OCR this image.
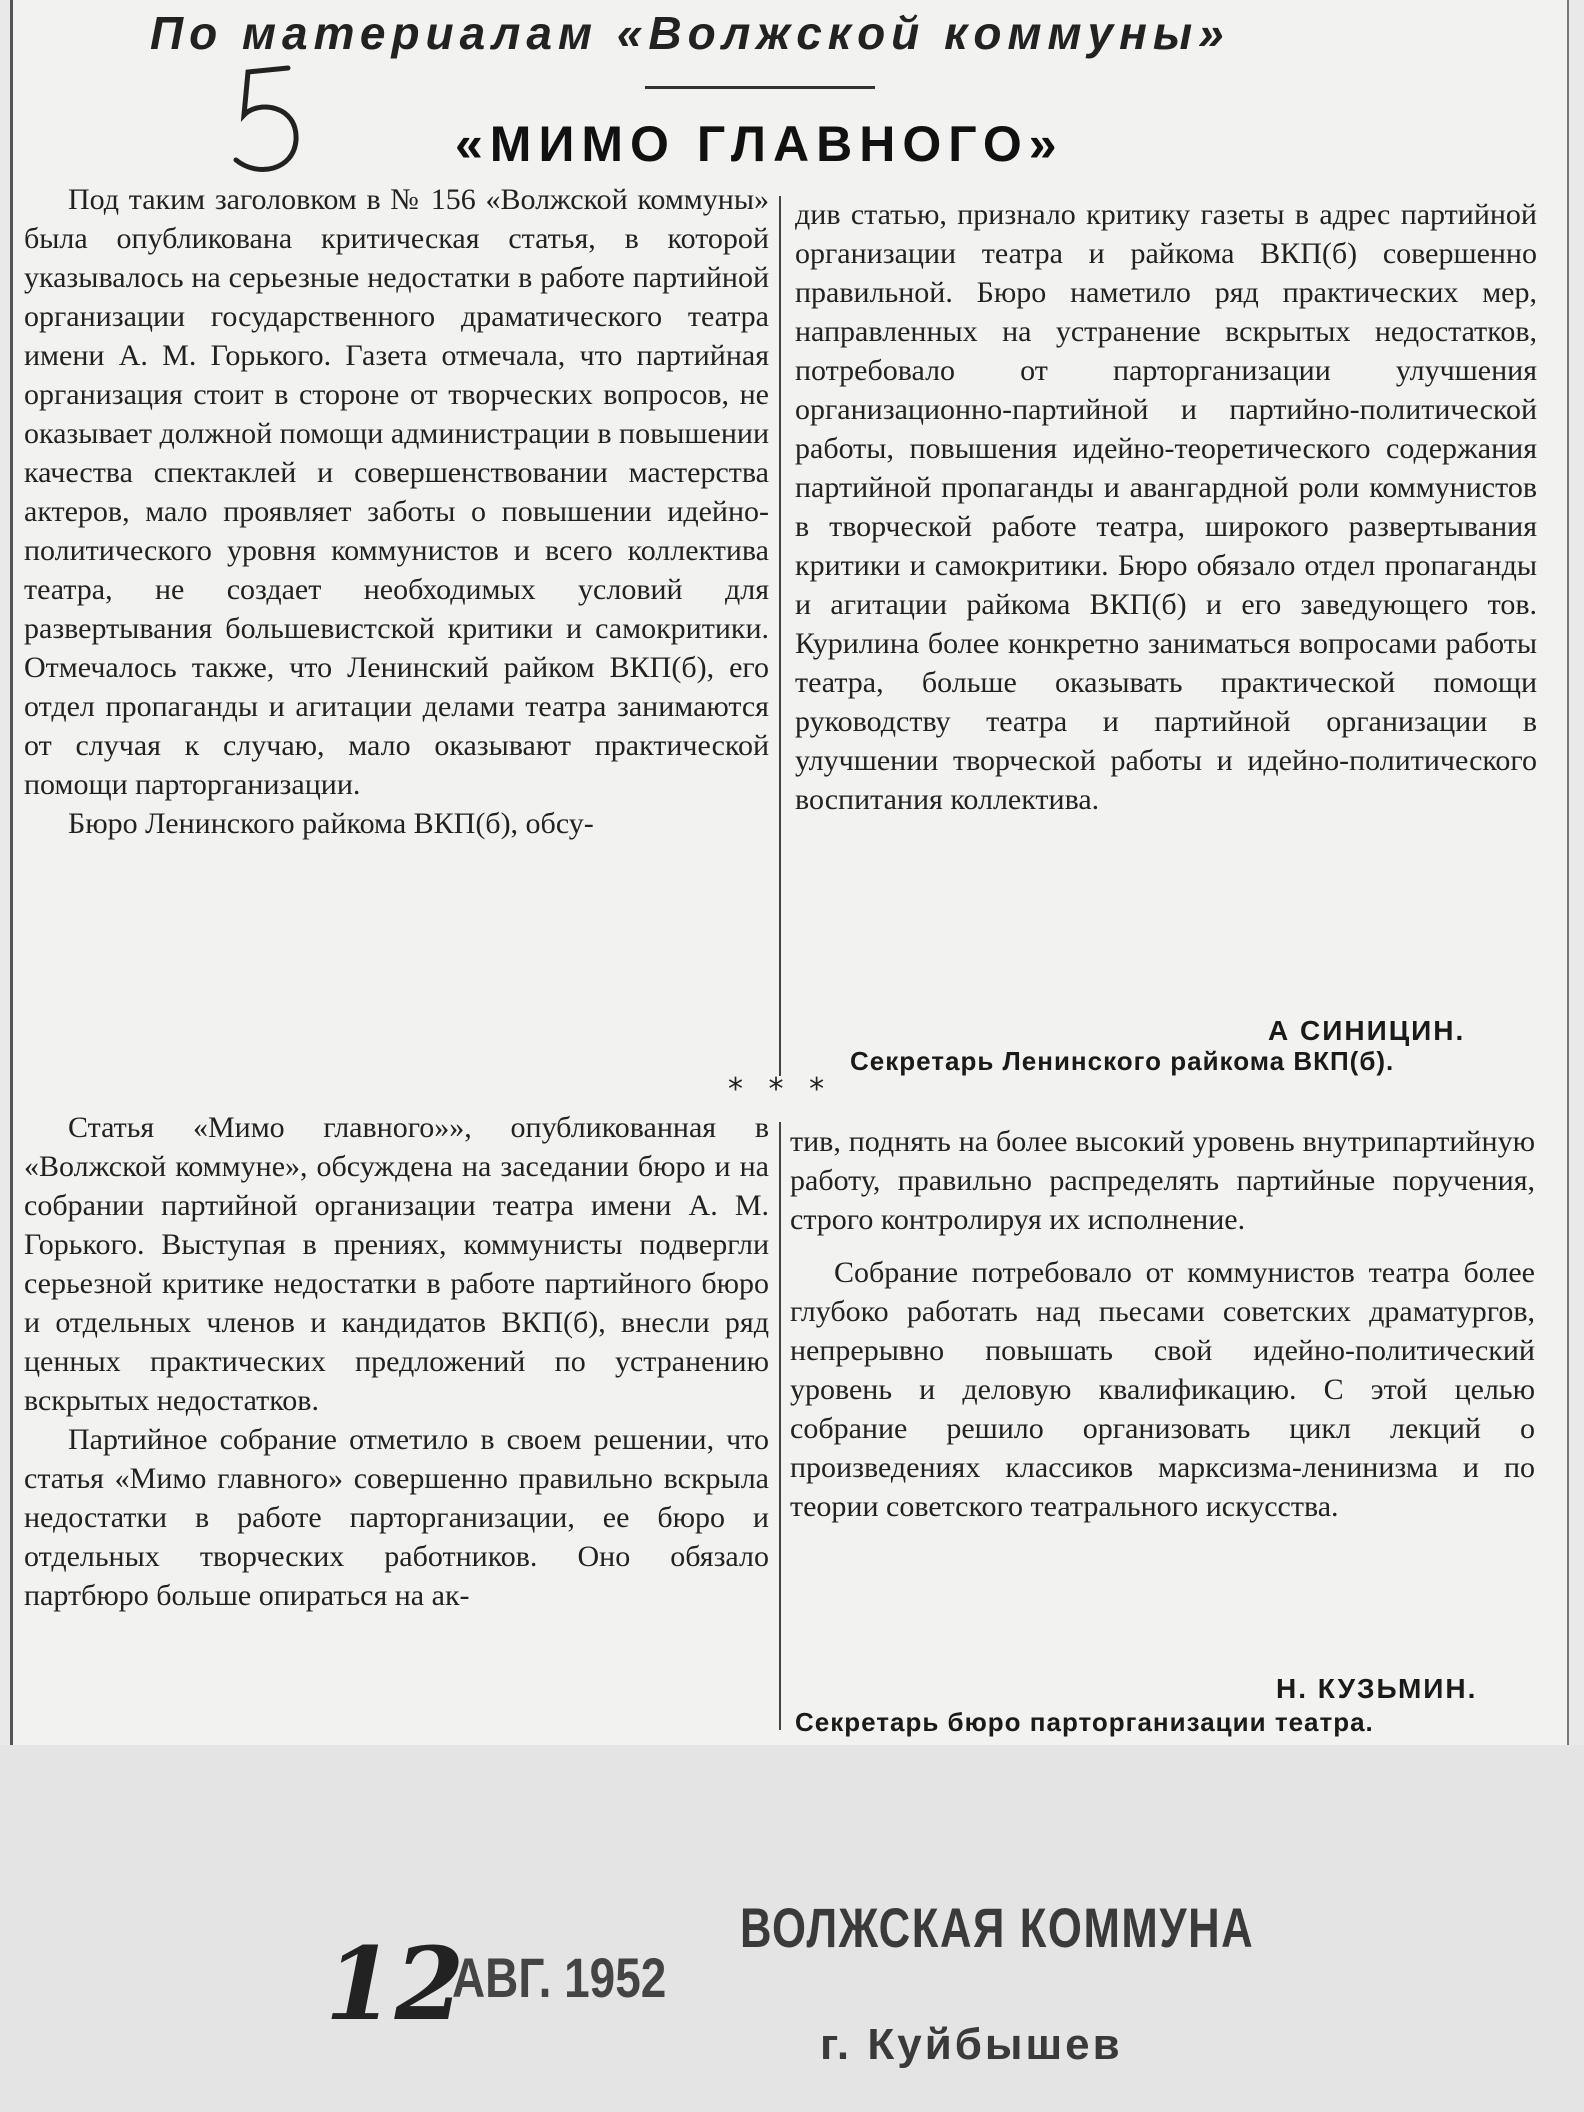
По материалам «Волжской коммуны»
«МИМО ГЛАВНОГО»

Под таким заголовком в № 156 «Волжской коммуны» была опубликована критическая статья, в которой указывалось на серьезные недостатки в работе партийной организации государственного драматического театра имени А. М. Горького. Газета отмечала, что партийная организация стоит в стороне от творческих вопросов, не оказывает должной помощи администрации в повышении качества спектаклей и совершенствовании мастерства актеров, мало проявляет заботы о повышении идейно-политического уровня коммунистов и всего коллектива театра, не создает необходимых условий для развертывания большевистской критики и самокритики. Отмечалось также, что Ленинский райком ВКП(б), его отдел пропаганды и агитации делами театра занимаются от случая к случаю, мало оказывают практической помощи парторганизации.

Бюро Ленинского райкома ВКП(б), обсу-

див статью, признало критику газеты в адрес партийной организации театра и райкома ВКП(б) совершенно правильной. Бюро наметило ряд практических мер, направленных на устранение вскрытых недостатков, потребовало от парторганизации улучшения организационно-партийной и партийно-политической работы, повышения идейно-теоретического содержания партийной пропаганды и авангардной роли коммунистов в творческой работе театра, широкого развертывания критики и самокритики. Бюро обязало отдел пропаганды и агитации райкома ВКП(б) и его заведующего тов. Курилина более конкретно заниматься вопросами работы театра, больше оказывать практической помощи руководству театра и партийной организации в улучшении творческой работы и идейно-политического воспитания коллектива.

А СИНИЦИН.
Секретарь Ленинского райкома ВКП(б).
* * *

Статья «Мимо главного»», опубликованная в «Волжской коммуне», обсуждена на заседании бюро и на собрании партийной организации театра имени А. М. Горького. Выступая в прениях, коммунисты подвергли серьезной критике недостатки в работе партийного бюро и отдельных членов и кандидатов ВКП(б), внесли ряд ценных практических предложений по устранению вскрытых недостатков.

Партийное собрание отметило в своем решении, что статья «Мимо главного» совершенно правильно вскрыла недостатки в работе парторганизации, ее бюро и отдельных творческих работников. Оно обязало партбюро больше опираться на ак-

тив, поднять на более высокий уровень внутрипартийную работу, правильно распределять партийные поручения, строго контролируя их исполнение.

Собрание потребовало от коммунистов театра более глубоко работать над пьесами советских драматургов, непрерывно повышать свой идейно-политический уровень и деловую квалификацию. С этой целью собрание решило организовать цикл лекций о произведениях классиков марксизма-ленинизма и по теории советского театрального искусства.

Н. КУЗЬМИН.
Секретарь бюро парторганизации театра.
ВОЛЖСКАЯ КОММУНА
12
АВГ. 1952
г. Куйбышев
